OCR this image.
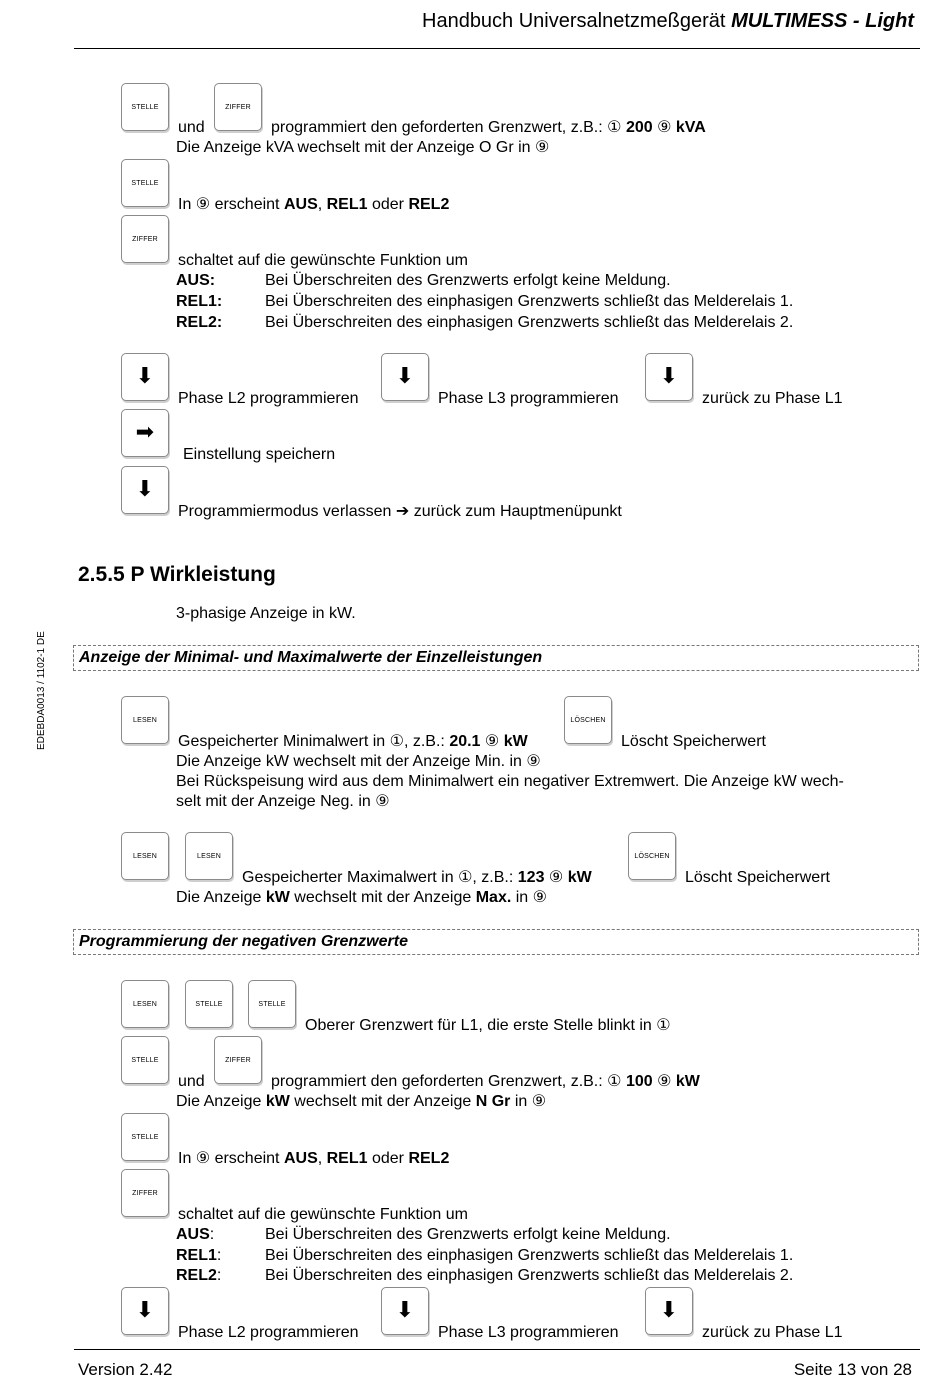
Handbuch Universalnetzmeßgerät MULTIMESS - Light
EDEBDA0013 / 1102-1 DE
STELLE	ZIFFER
und	programmiert den geforderten Grenzwert, z.B.: ① 200 ⑨ kVA
Die Anzeige kVA wechselt mit der Anzeige O Gr in ⑨
STELLE
In ⑨ erscheint AUS, REL1 oder REL2
ZIFFER
schaltet auf die gewünschte Funktion um
AUS:	Bei Überschreiten des Grenzwerts erfolgt keine Meldung.
REL1:	Bei Überschreiten des einphasigen Grenzwerts schließt das Melderelais 1.
REL2:	Bei Überschreiten des einphasigen Grenzwerts schließt das Melderelais 2.
⬇
Phase L2 programmieren
⬇
Phase L3 programmieren
⬇
zurück zu Phase L1
➡
Einstellung speichern
⬇
Programmiermodus verlassen ➔ zurück zum Hauptmenüpunkt
2.5.5 P Wirkleistung
3-phasige Anzeige in kW.
Anzeige der Minimal- und Maximalwerte der Einzelleistungen
LESEN
Gespeicherter Minimalwert in ①, z.B.: 20.1 ⑨ kW
LÖSCHEN
Löscht Speicherwert
Die Anzeige kW wechselt mit der Anzeige Min. in ⑨
Bei Rückspeisung wird aus dem Minimalwert ein negativer Extremwert. Die Anzeige kW wech-
selt mit der Anzeige Neg. in ⑨
LESEN	LESEN
Gespeicherter Maximalwert in ①, z.B.: 123 ⑨ kW
LÖSCHEN
Löscht Speicherwert
Die Anzeige kW wechselt mit der Anzeige Max. in ⑨
Programmierung der negativen Grenzwerte
LESEN	STELLE	STELLE
Oberer Grenzwert für L1, die erste Stelle blinkt in ①
STELLE	ZIFFER
und	programmiert den geforderten Grenzwert, z.B.: ① 100 ⑨ kW
Die Anzeige kW wechselt mit der Anzeige N Gr in ⑨
STELLE
In ⑨ erscheint AUS, REL1 oder REL2
ZIFFER
schaltet auf die gewünschte Funktion um
AUS:	Bei Überschreiten des Grenzwerts erfolgt keine Meldung.
REL1:	Bei Überschreiten des einphasigen Grenzwerts schließt das Melderelais 1.
REL2:	Bei Überschreiten des einphasigen Grenzwerts schließt das Melderelais 2.
⬇
Phase L2 programmieren
⬇
Phase L3 programmieren
⬇
zurück zu Phase L1
Version 2.42	Seite 13 von 28
